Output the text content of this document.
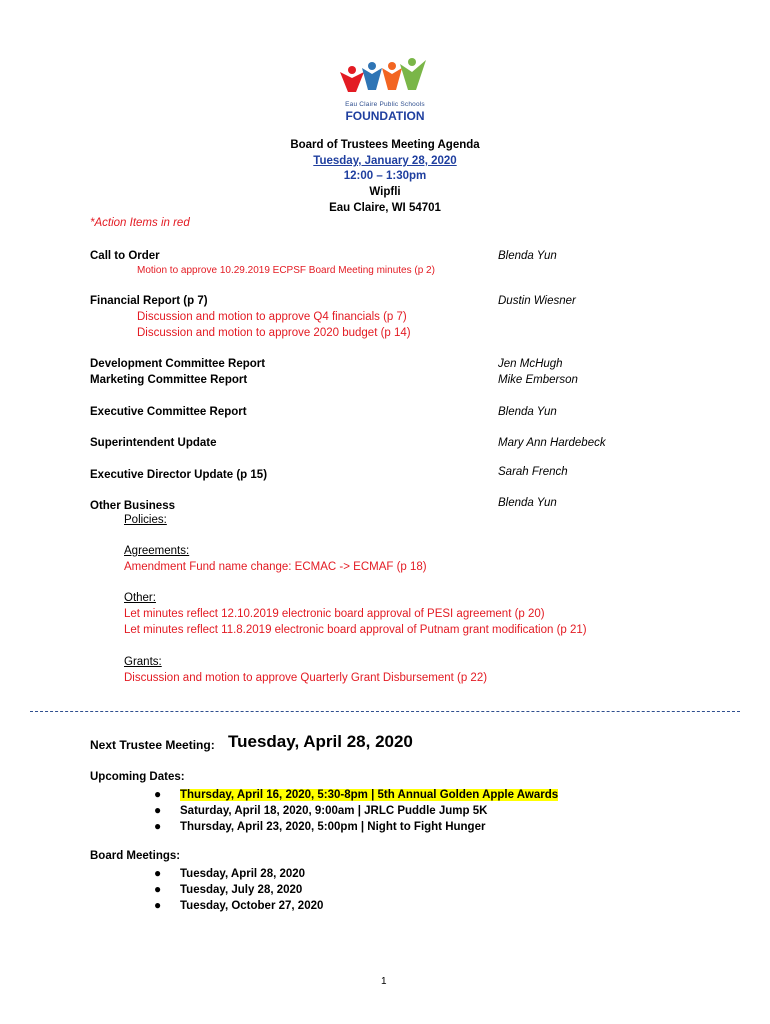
Eau Claire Public Schools
FOUNDATION
Board of Trustees Meeting Agenda
Tuesday, January 28, 2020
12:00 – 1:30pm
Wipfli
Eau Claire, WI 54701
*Action Items in red
Call to Order	Blenda Yun
Motion to approve 10.29.2019 ECPSF Board Meeting minutes (p 2)
Financial Report (p 7)	Dustin Wiesner
Discussion and motion to approve Q4 financials (p 7)
Discussion and motion to approve 2020 budget (p 14)
Development Committee Report	Jen McHugh
Marketing Committee Report	Mike Emberson
Executive Committee Report	Blenda Yun
Superintendent Update	Mary Ann Hardebeck
Executive Director Update (p 15)	Sarah French
Other Business	Blenda Yun
Policies:
Agreements:
Amendment Fund name change: ECMAC -> ECMAF (p 18)
Other:
Let minutes reflect 12.10.2019 electronic board approval of PESI agreement (p 20)
Let minutes reflect 11.8.2019 electronic board approval of Putnam grant modification (p 21)
Grants:
Discussion and motion to approve Quarterly Grant Disbursement (p 22)
Next Trustee Meeting: Tuesday, April 28, 2020
Upcoming Dates:
● Thursday, April 16, 2020, 5:30-8pm | 5th Annual Golden Apple Awards
● Saturday, April 18, 2020, 9:00am | JRLC Puddle Jump 5K
● Thursday, April 23, 2020, 5:00pm | Night to Fight Hunger
Board Meetings:
● Tuesday, April 28, 2020
● Tuesday, July 28, 2020
● Tuesday, October 27, 2020
1
